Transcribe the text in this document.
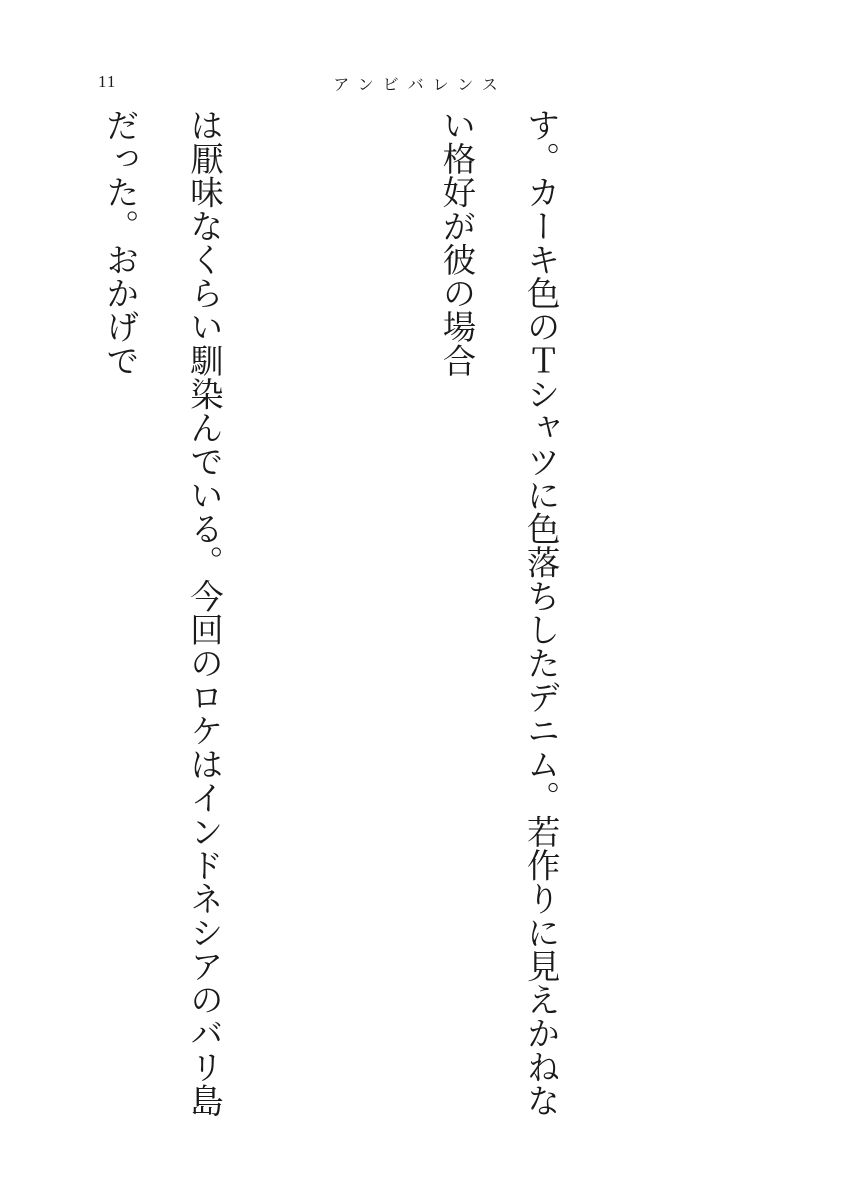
11	アンビバレンス

す。カーキ色のＴシャツに色落ちしたデニム。若作りに見えかねない格好が彼の場合

は厭味なくらい馴染んでいる。今回のロケはインドネシアのバリ島だった。おかげで
